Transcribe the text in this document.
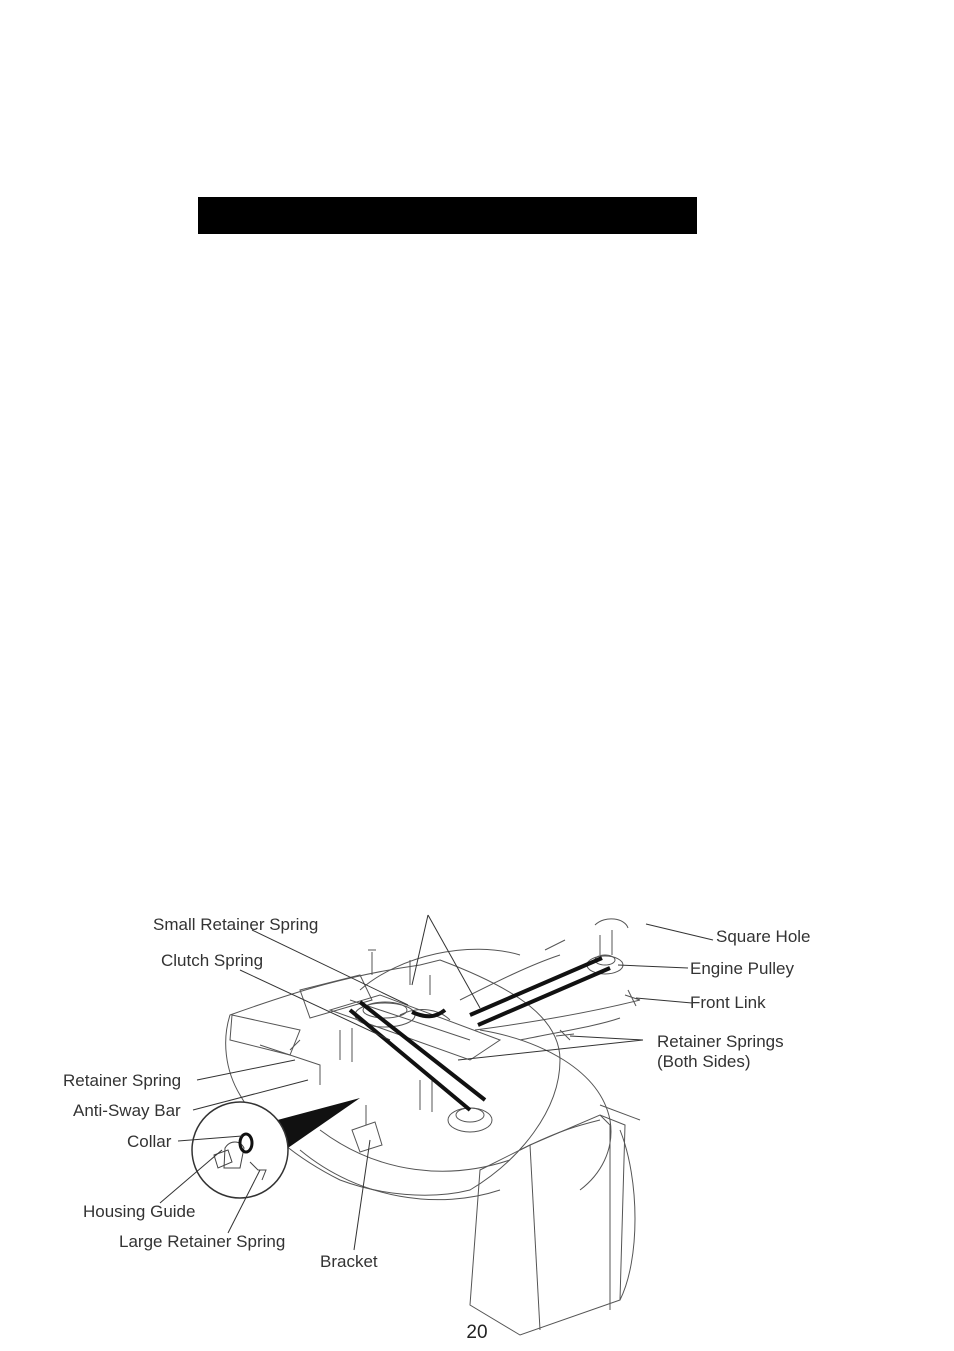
Small Retainer Spring
Clutch Spring
Retainer Spring
Anti-Sway Bar
Collar
Housing Guide
Large Retainer Spring
Bracket
Square Hole
Engine Pulley
Front Link
Retainer Springs
(Both Sides)
20
